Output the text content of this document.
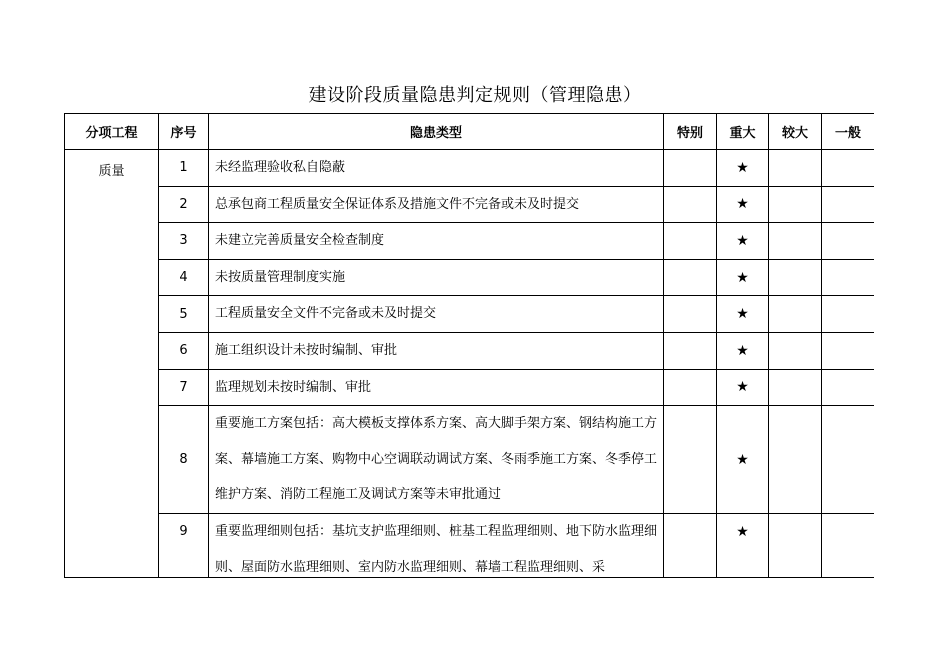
建设阶段质量隐患判定规则（管理隐患）
分项工程	序号	隐患类型	特别	重大	较大	一般
质量	1	未经监理验收私自隐蔽		★		
	2	总承包商工程质量安全保证体系及措施文件不完备或未及时提交		★		
	3	未建立完善质量安全检查制度		★		
	4	未按质量管理制度实施		★		
	5	工程质量安全文件不完备或未及时提交		★		
	6	施工组织设计未按时编制、审批		★		
	7	监理规划未按时编制、审批		★		
	8	重要施工方案包括：高大模板支撑体系方案、高大脚手架方案、钢结构施工方案、幕墙施工方案、购物中心空调联动调试方案、冬雨季施工方案、冬季停工维护方案、消防工程施工及调试方案等未审批通过		★		
	9	重要监理细则包括：基坑支护监理细则、桩基工程监理细则、地下防水监理细则、屋面防水监理细则、室内防水监理细则、幕墙工程监理细则、采		★		
